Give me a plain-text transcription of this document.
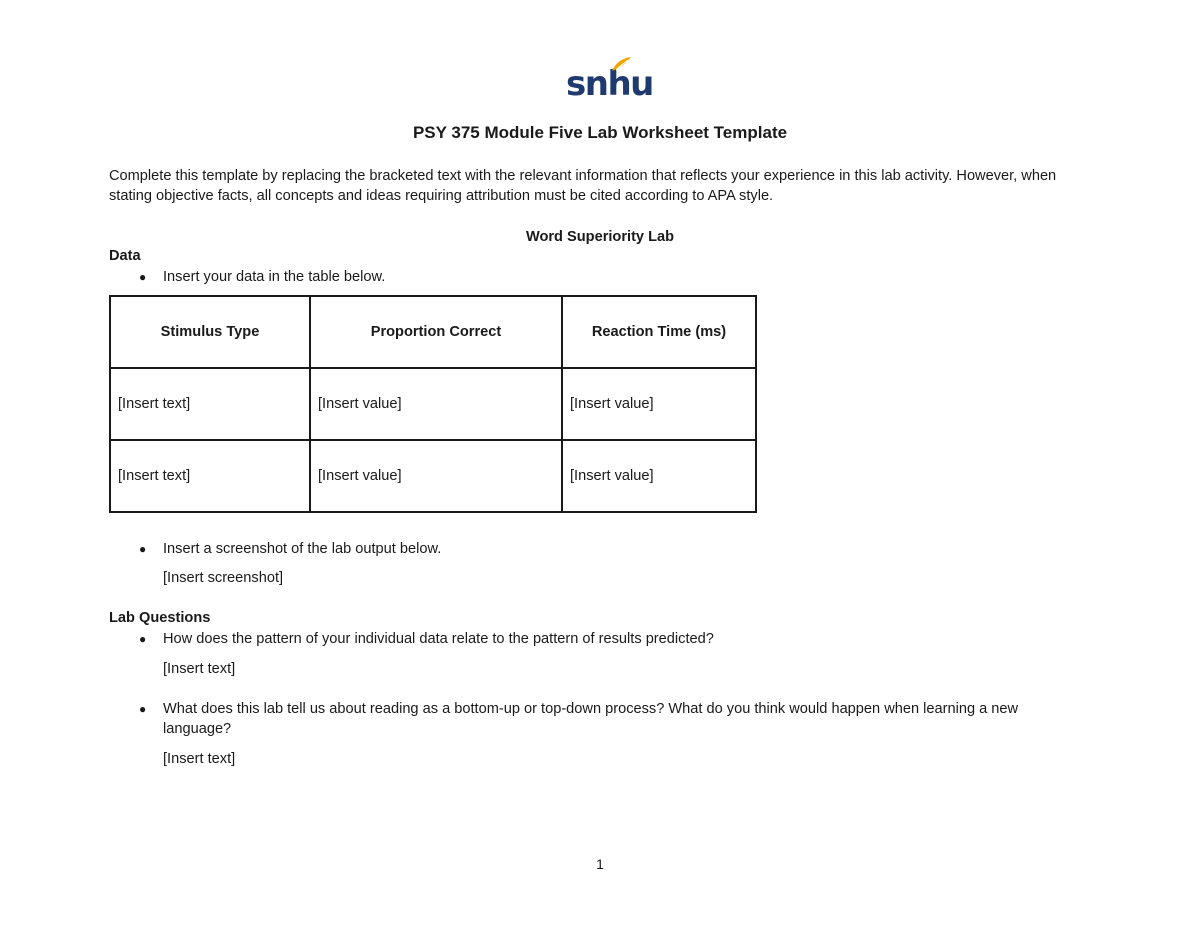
snhu
PSY 375 Module Five Lab Worksheet Template
Complete this template by replacing the bracketed text with the relevant information that reflects your experience in this lab activity. However, when stating objective facts, all concepts and ideas requiring attribution must be cited according to APA style.
Word Superiority Lab
Data
● Insert your data in the table below.
Stimulus Type	Proportion Correct	Reaction Time (ms)
[Insert text]	[Insert value]	[Insert value]
[Insert text]	[Insert value]	[Insert value]
● Insert a screenshot of the lab output below.
[Insert screenshot]
Lab Questions
● How does the pattern of your individual data relate to the pattern of results predicted?
[Insert text]
● What does this lab tell us about reading as a bottom-up or top-down process? What do you think would happen when learning a new language?
[Insert text]
1
